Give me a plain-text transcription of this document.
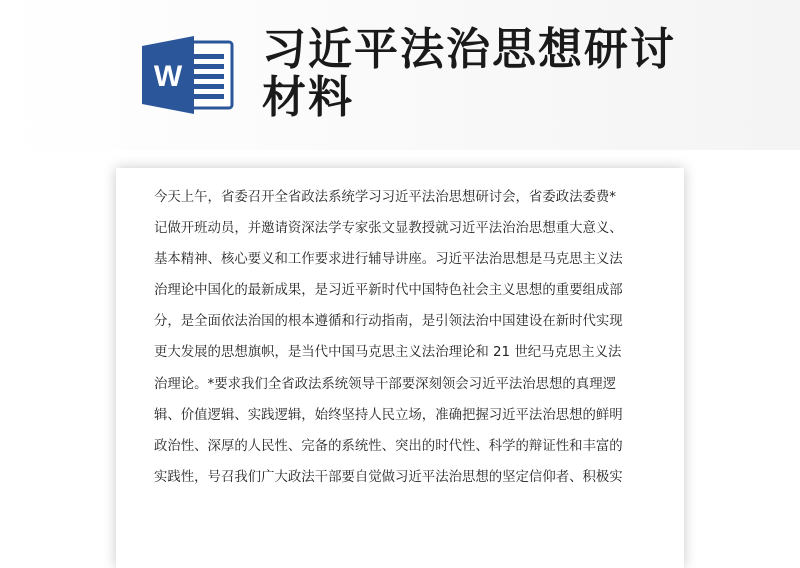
W
习近平法治思想研讨
材料
今天上午，省委召开全省政法系统学习习近平法治思想研讨会，省委政法委费*
记做开班动员，并邀请资深法学专家张文显教授就习近平法治治思想重大意义、
基本精神、核心要义和工作要求进行辅导讲座。习近平法治思想是马克思主义法
治理论中国化的最新成果，是习近平新时代中国特色社会主义思想的重要组成部
分，是全面依法治国的根本遵循和行动指南，是引领法治中国建设在新时代实现
更大发展的思想旗帜，是当代中国马克思主义法治理论和 21 世纪马克思主义法
治理论。*要求我们全省政法系统领导干部要深刻领会习近平法治思想的真理逻
辑、价值逻辑、实践逻辑，始终坚持人民立场，准确把握习近平法治思想的鲜明
政治性、深厚的人民性、完备的系统性、突出的时代性、科学的辩证性和丰富的
实践性，号召我们广大政法干部要自觉做习近平法治思想的坚定信仰者、积极实
